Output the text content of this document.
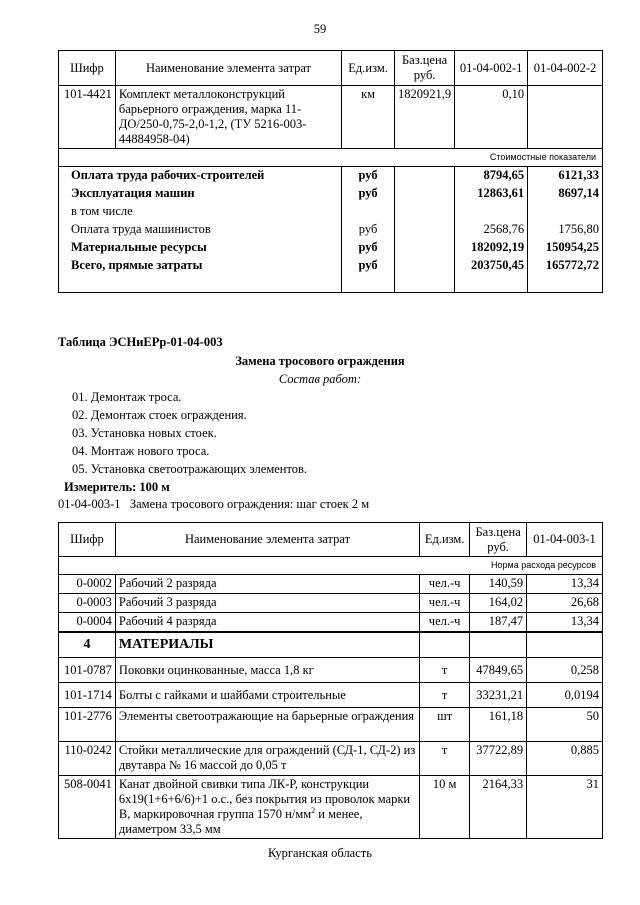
59
Шифр	Наименование элемента затрат	Ед.изм.	Баз.цена руб.	01-04-002-1	01-04-002-2
101-4421	Комплект металлоконструкций барьерного ограждения, марка 11-ДО/250-0,75-2,0-1,2, (ТУ 5216-003-44884958-04)	км	1820921,9	0,10	
Стоимостные показатели					
Оплата труда рабочих-строителей		руб		8794,65	6121,33
Эксплуатация машин		руб		12863,61	8697,14
в том числе					
Оплата труда машинистов		руб		2568,76	1756,80
Материальные ресурсы		руб		182092,19	150954,25
Всего, прямые затраты		руб		203750,45	165772,72
Таблица ЭСНиЕРр-01-04-003
Замена тросового ограждения
Состав работ:
01. Демонтаж троса.
02. Демонтаж стоек ограждения.
03. Установка новых стоек.
04. Монтаж нового троса.
05. Установка светоотражающих элементов.
Измеритель: 100 м
01-04-003-1   Замена тросового ограждения: шаг стоек 2 м
Шифр	Наименование элемента затрат	Ед.изм.	Баз.цена руб.	01-04-003-1
Норма расхода ресурсов				
0-0002	Рабочий 2 разряда	чел.-ч	140,59	13,34
0-0003	Рабочий 3 разряда	чел.-ч	164,02	26,68
0-0004	Рабочий 4 разряда	чел.-ч	187,47	13,34
4	МАТЕРИАЛЫ			
101-0787	Поковки оцинкованные, масса 1,8 кг	т	47849,65	0,258
101-1714	Болты с гайками и шайбами строительные	т	33231,21	0,0194
101-2776	Элементы светоотражающие на барьерные ограждения	шт	161,18	50
110-0242	Стойки металлические для ограждений (СД-1, СД-2) из двутавра № 16 массой до 0,05 т	т	37722,89	0,885
508-0041	Канат двойной свивки типа ЛК-Р, конструкции 6х19(1+6+6/6)+1 о.с., без покрытия из проволок марки В, маркировочная группа 1570 $н/мм^2$ и менее, диаметром 33,5 мм	10 м	2164,33	31
Курганская область
